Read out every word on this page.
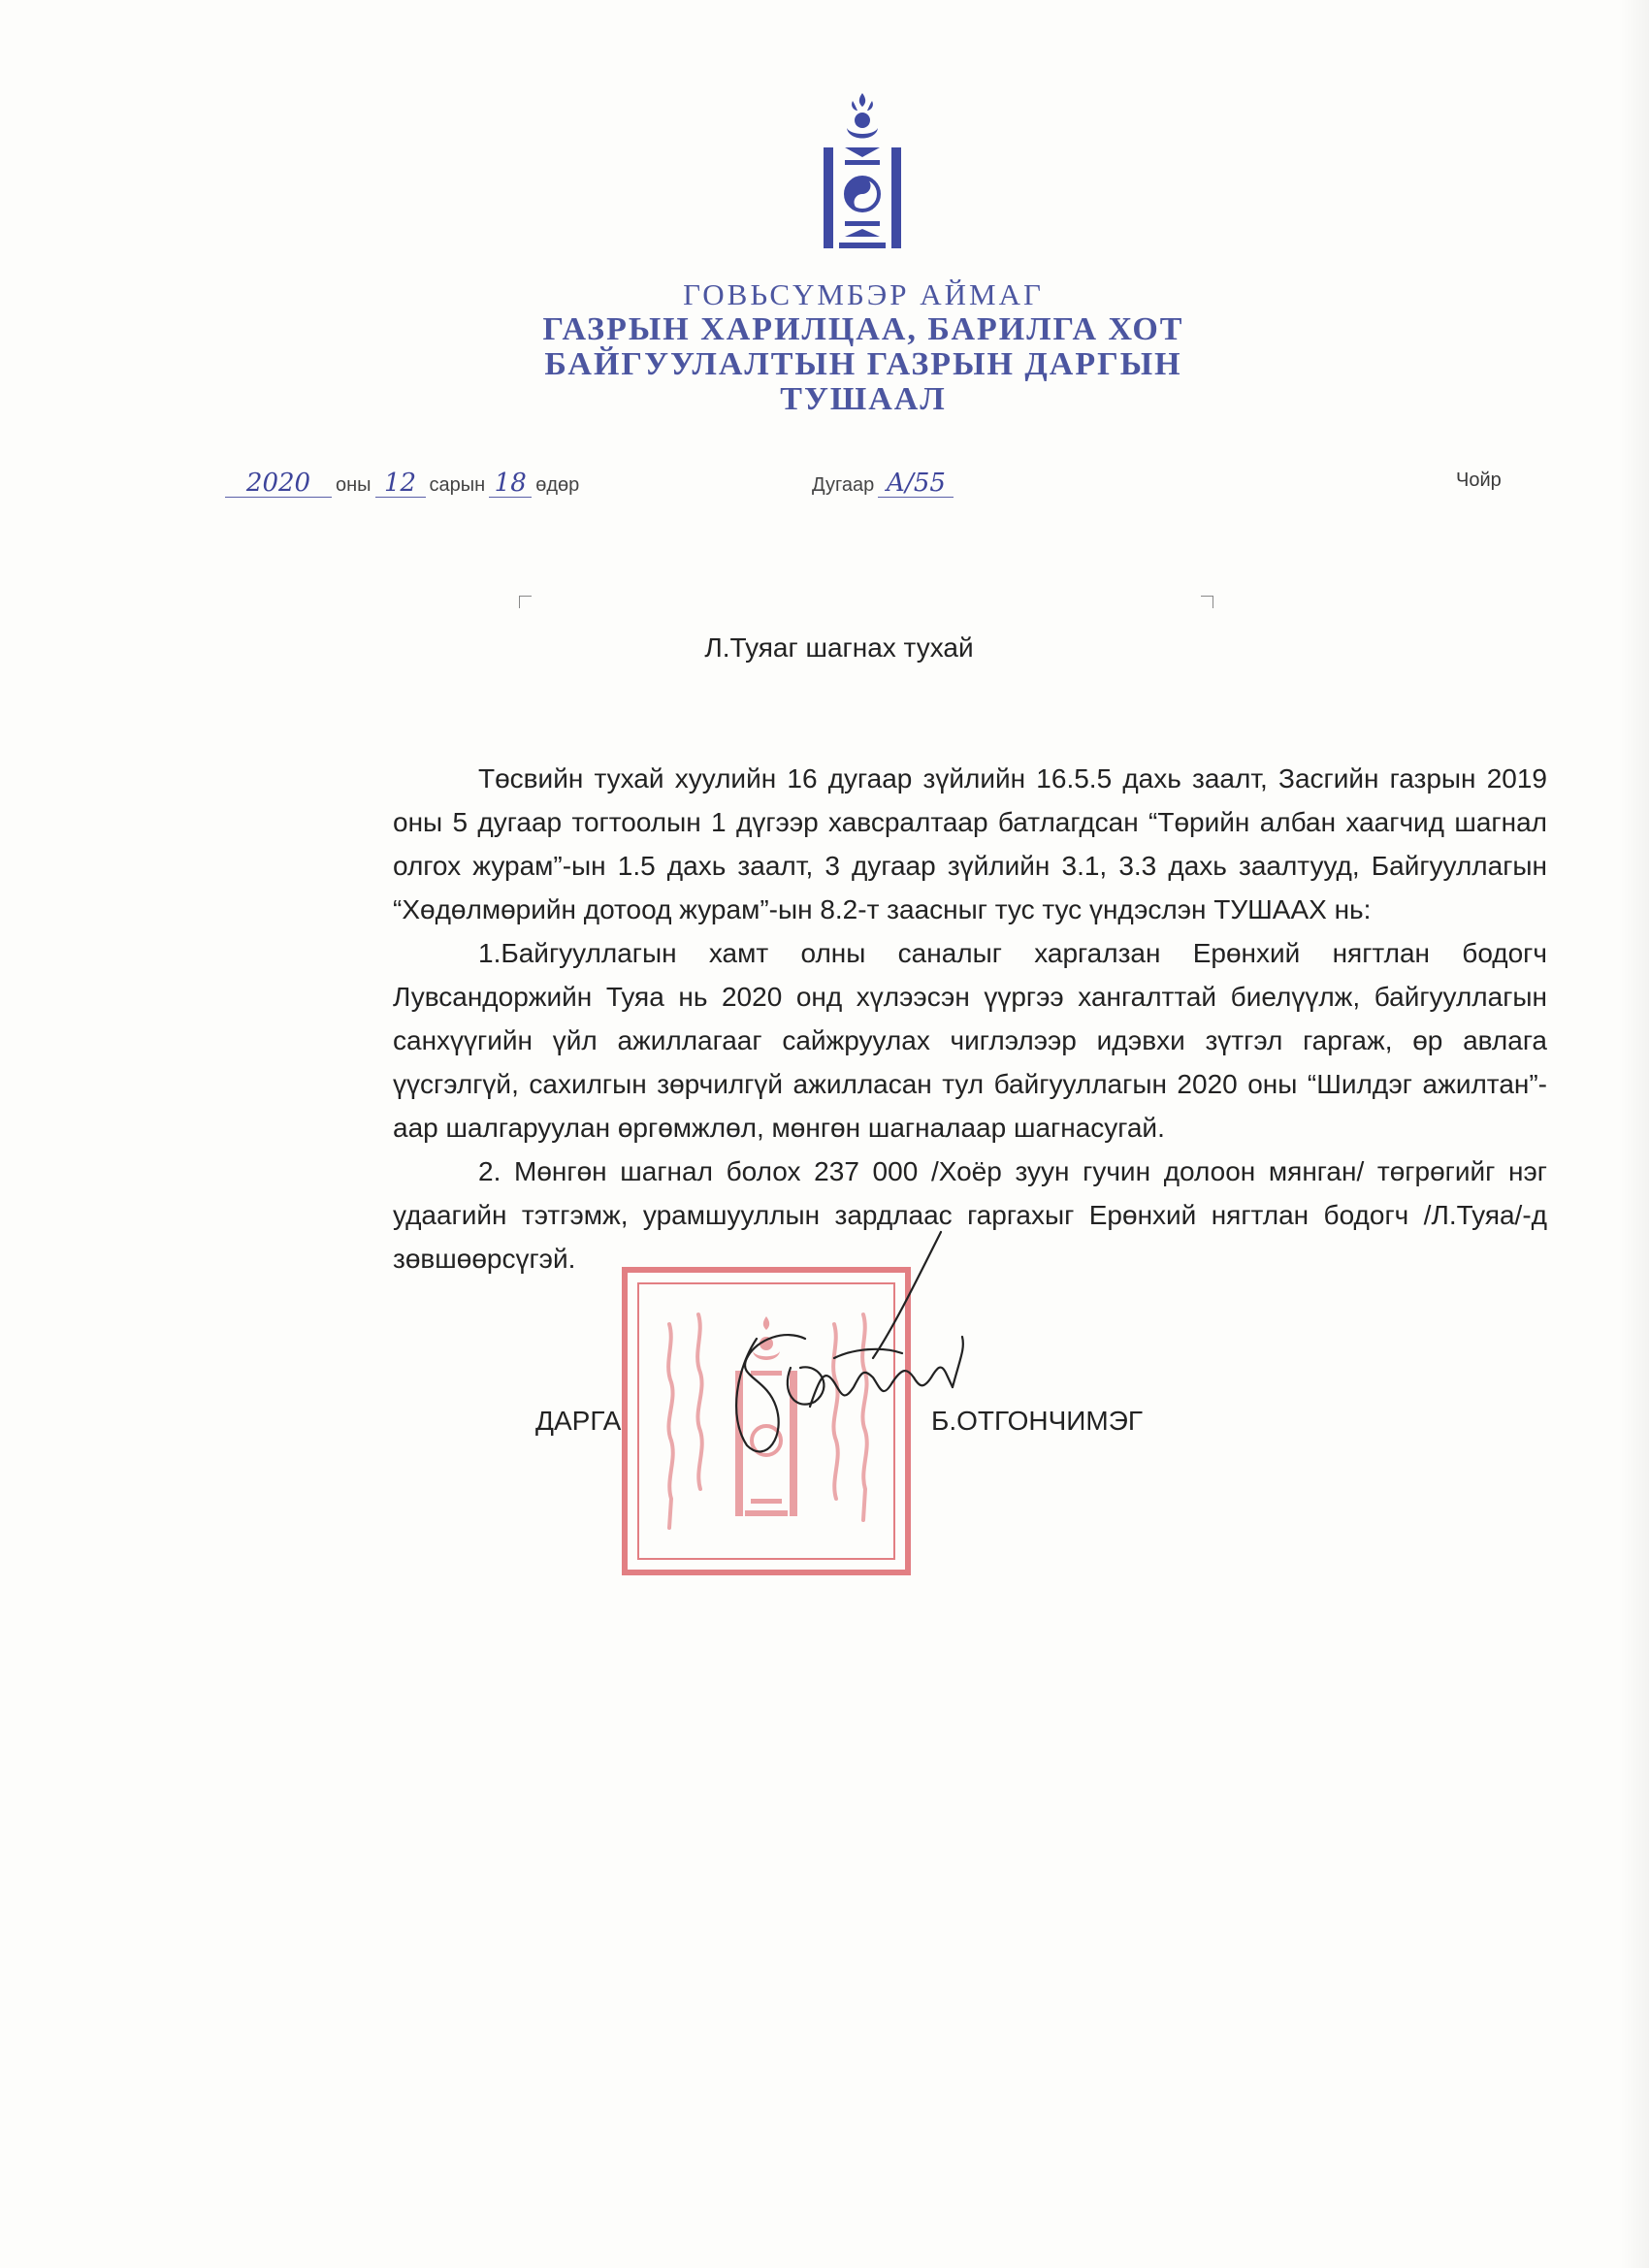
ГОВЬСҮМБЭР АЙМАГ
ГАЗРЫН ХАРИЛЦАА, БАРИЛГА ХОТ
БАЙГУУЛАЛТЫН ГАЗРЫН ДАРГЫН
ТУШААЛ
2020 оны 12 сарын 18 өдөр	Дугаар А/55	Чойр
Л.Туяаг шагнах тухай

Төсвийн тухай хуулийн 16 дугаар зүйлийн 16.5.5 дахь заалт, Засгийн газрын 2019 оны 5 дугаар тогтоолын 1 дүгээр хавсралтаар батлагдсан “Төрийн албан хаагчид шагнал олгох журам”-ын 1.5 дахь заалт, 3 дугаар зүйлийн 3.1, 3.3 дахь заалтууд, Байгууллагын “Хөдөлмөрийн дотоод журам”-ын 8.2-т заасныг тус тус үндэслэн ТУШААХ нь:

1.Байгууллагын хамт олны саналыг харгалзан Ерөнхий нягтлан бодогч Лувсандоржийн Туяа нь 2020 онд хүлээсэн үүргээ хангалттай биелүүлж, байгууллагын санхүүгийн үйл ажиллагааг сайжруулах чиглэлээр идэвхи зүтгэл гаргаж, өр авлага үүсгэлгүй, сахилгын зөрчилгүй ажилласан тул байгууллагын 2020 оны “Шилдэг ажилтан”-аар шалгаруулан өргөмжлөл, мөнгөн шагналаар шагнасугай.

2. Мөнгөн шагнал болох 237 000 /Хоёр зуун гучин долоон мянган/ төгрөгийг нэг удаагийн тэтгэмж, урамшууллын зардлаас гаргахыг Ерөнхий нягтлан бодогч /Л.Туяа/-д зөвшөөрсүгэй.

ДАРГА	Б.ОТГОНЧИМЭГ
